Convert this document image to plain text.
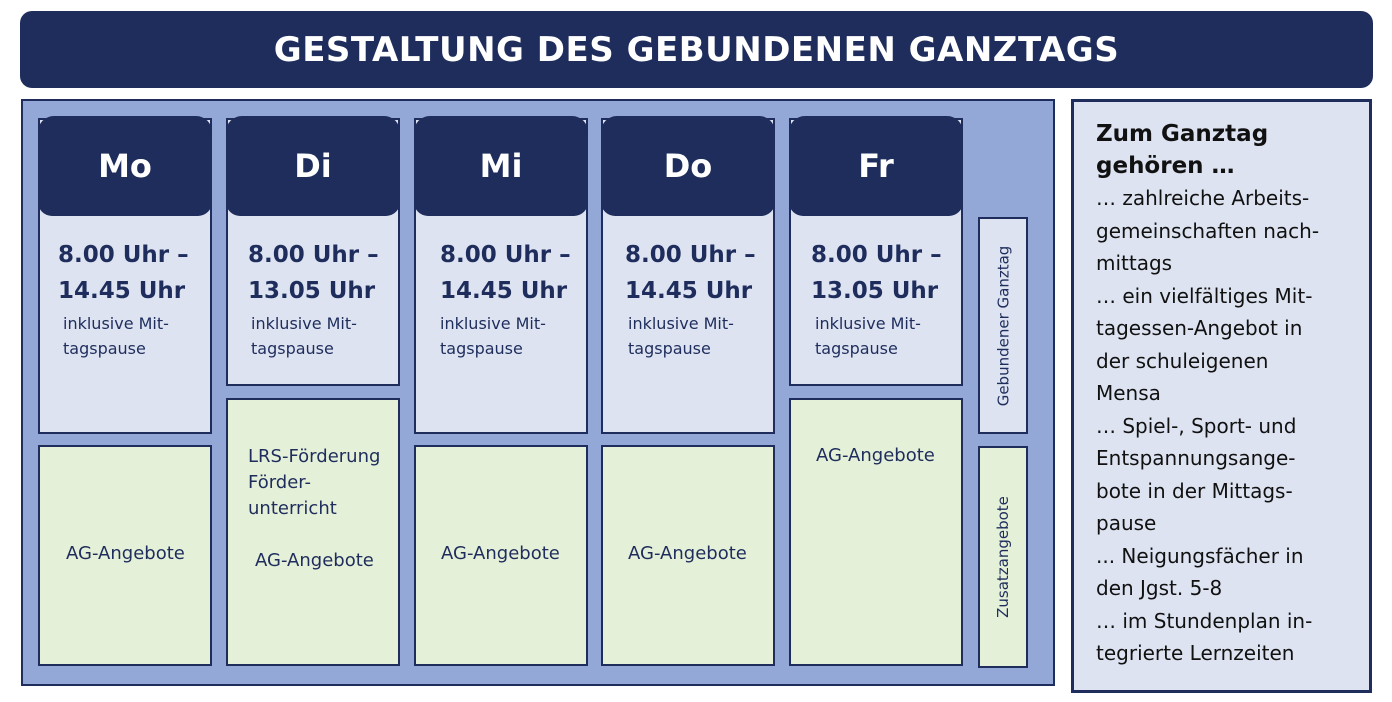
GESTALTUNG DES GEBUNDENEN GANZTAGS
8.00 Uhr –
14.45 Uhr
inklusive Mit-
tagspause
Mo
AG-Angebote
8.00 Uhr –
13.05 Uhr
inklusive Mit-
tagspause
Di
LRS-Förderung
Förder-
unterricht
AG-Angebote
8.00 Uhr –
14.45 Uhr
inklusive Mit-
tagspause
Mi
AG-Angebote
8.00 Uhr –
14.45 Uhr
inklusive Mit-
tagspause
Do
AG-Angebote
8.00 Uhr –
13.05 Uhr
inklusive Mit-
tagspause
Fr
AG-Angebote
Gebundener Ganztag
Zusatzangebote
Zum Ganztag
gehören …
… zahlreiche Arbeits-
gemeinschaften nach-
mittags
… ein vielfältiges Mit-
tagessen-Angebot in
der schuleigenen
Mensa
… Spiel-, Sport- und
Entspannungsange-
bote in der Mittags-
pause
... Neigungsfächer in
den Jgst. 5-8
… im Stundenplan in-
tegrierte Lernzeiten
